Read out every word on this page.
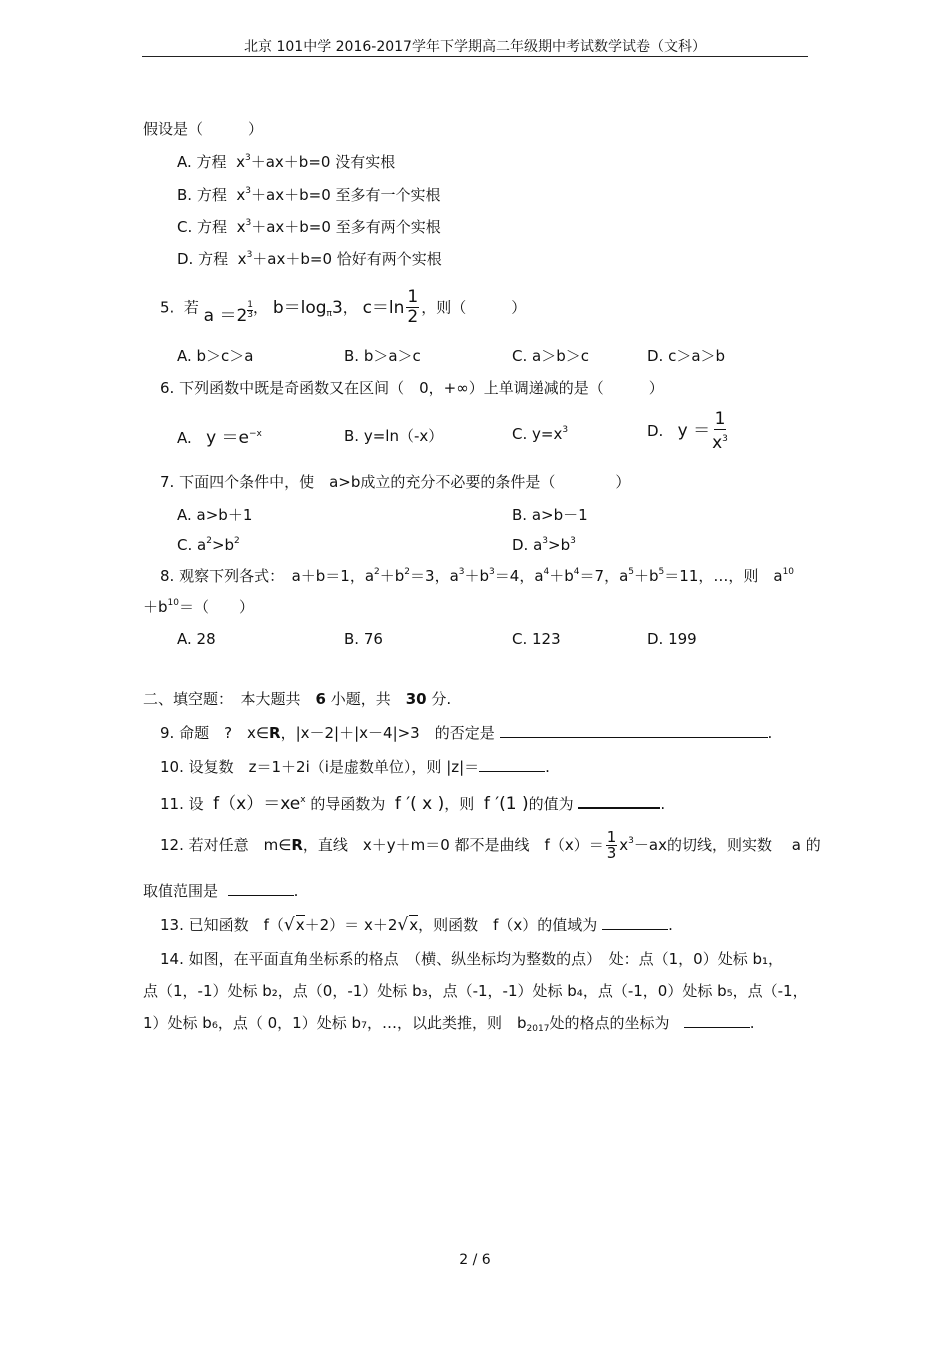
北京 101中学 2016-2017学年下学期高二年级期中考试数学试卷（文科）
假设是（　　　）
A. 方程 $x^3+ax+b=0$ 没有实根
B. 方程 $x^3+ax+b=0$ 至多有一个实根
C. 方程 $x^3+ax+b=0$ 至多有两个实根
D. 方程 $x^3+ax+b=0$ 恰好有两个实根
5. 若 $a =2 \frac{1}{3}$ ， $b=\log_\pi 3$， $c=\ln \frac{1}{2}$ ，则（　　　）
A. b＞c＞a	B. b＞a＞c	C. a＞b＞c	D. c＞a＞b
6. 下列函数中既是奇函数又在区间（　0，+∞）上单调递减的是（　　　）
A. $y =e^{-x}$	B. y=ln（-x）	C. $y=x^3$	D. $y = \frac{1}{x^3}$
7. 下面四个条件中，使　a>b成立的充分不必要的条件是（　　　　）
A. a>b＋1	B. a>b－1
C. $a^2>b^2$	D. $a^3>b^3$
8. 观察下列各式：　a＋b＝1，$a^2+b^2=3$，$a^3+b^3=4$，$a^4+b^4=7$，$a^5+b^5=11$，…，则　$a^{10}$
$+b^{10}=$（　　）
A. 28	B. 76	C. 123	D. 199
二、填空题：　本大题共　6 小题，共　30 分.
9. 命题　?　x∈R，|x－2|＋|x－4|>3　的否定是	.
10. 设复数　z＝1＋2i（i是虚数单位），则 |z|＝	.
11. 设 $f(x)=xe^x$ 的导函数为 f ′( x )，则 f ′(1 )的值为	.
12. 若对任意　m∈R，直线　x＋y＋m＝0 都不是曲线　$f(x)= \frac{1}{3} x^3-ax$的切线，则实数　 a 的
取值范围是	.
13. 已知函数　f（√x＋2）＝ x＋2√x，则函数　f（x）的值域为	.
14. 如图，在平面直角坐标系的格点　（横、纵坐标均为整数的点）　处：点（1，0）处标 b₁，
点（1，-1）处标 b₂，点（0，-1）处标 b₃，点（-1，-1）处标 b₄，点（-1，0）处标 b₅，点（-1，
1）处标 b₆，点（ 0，1）处标 b₇，…，以此类推，则　$b_{2017}$处的格点的坐标为	.
2 / 6
